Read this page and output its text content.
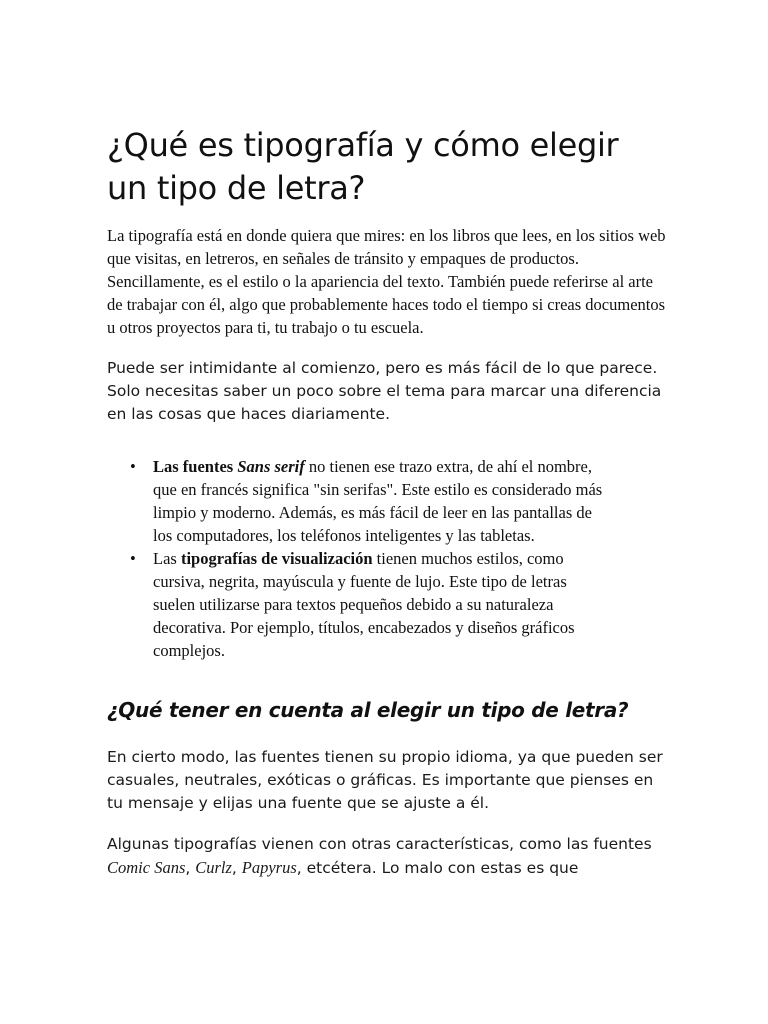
¿Qué es tipografía y cómo elegir un tipo de letra?

La tipografía está en donde quiera que mires: en los libros que lees, en los sitios web que visitas, en letreros, en señales de tránsito y empaques de productos. Sencillamente, es el estilo o la apariencia del texto. También puede referirse al arte de trabajar con él, algo que probablemente haces todo el tiempo si creas documentos u otros proyectos para ti, tu trabajo o tu escuela.

Puede ser intimidante al comienzo, pero es más fácil de lo que parece. Solo necesitas saber un poco sobre el tema para marcar una diferencia en las cosas que haces diariamente.

• Las fuentes Sans serif no tienen ese trazo extra, de ahí el nombre, que en francés significa "sin serifas". Este estilo es considerado más limpio y moderno. Además, es más fácil de leer en las pantallas de los computadores, los teléfonos inteligentes y las tabletas.
• Las tipografías de visualización tienen muchos estilos, como cursiva, negrita, mayúscula y fuente de lujo. Este tipo de letras suelen utilizarse para textos pequeños debido a su naturaleza decorativa. Por ejemplo, títulos, encabezados y diseños gráficos complejos.
¿Qué tener en cuenta al elegir un tipo de letra?

En cierto modo, las fuentes tienen su propio idioma, ya que pueden ser casuales, neutrales, exóticas o gráficas. Es importante que pienses en tu mensaje y elijas una fuente que se ajuste a él.

Algunas tipografías vienen con otras características, como las fuentes Comic Sans, Curlz, Papyrus, etcétera. Lo malo con estas es que
